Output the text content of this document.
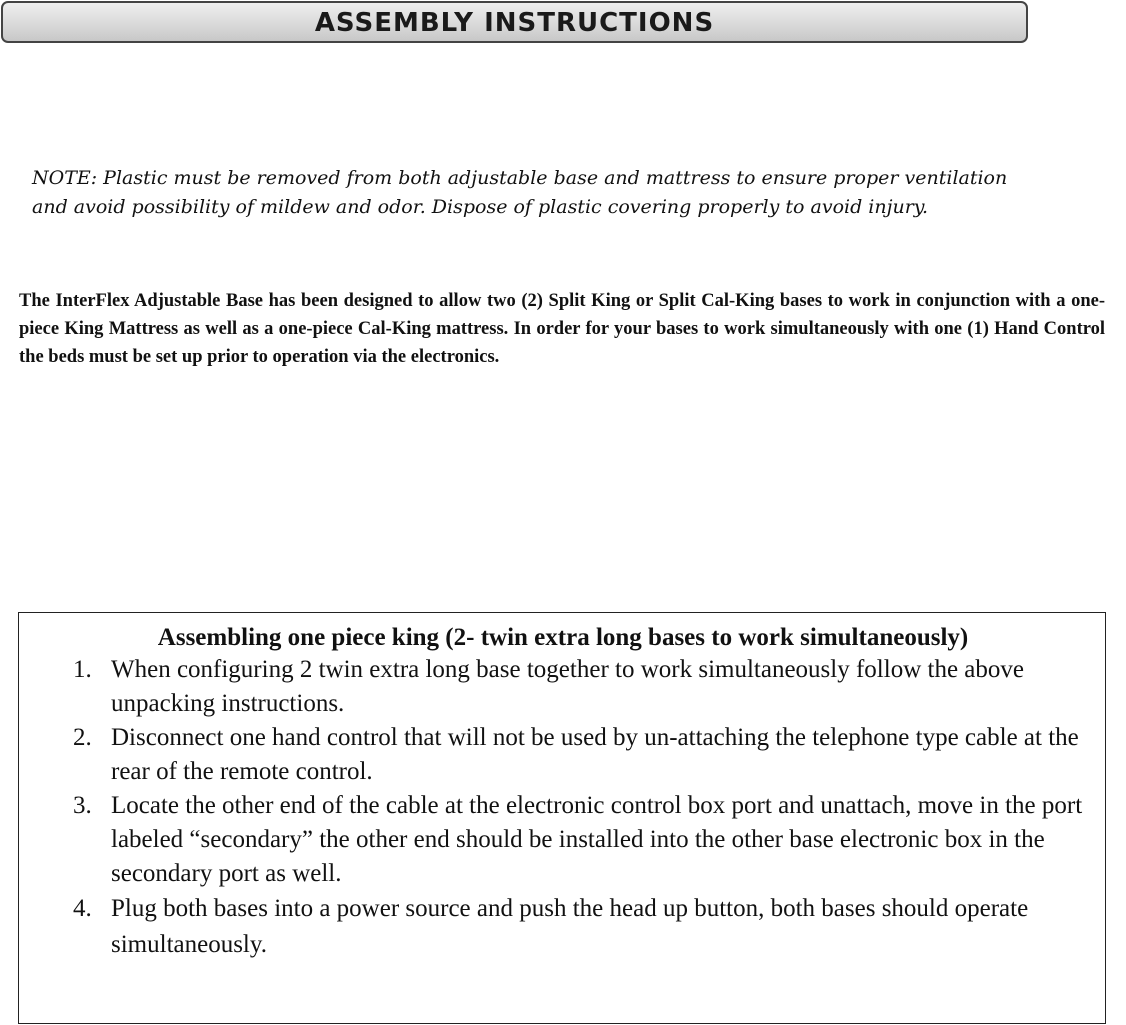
ASSEMBLY INSTRUCTIONS

NOTE: Plastic must be removed from both adjustable base and mattress to ensure proper ventilation

and avoid possibility of mildew and odor. Dispose of plastic covering properly to avoid injury.

The InterFlex Adjustable Base has been designed to allow two (2) Split King or Split Cal-King bases to work in conjunction with a one-piece King Mattress as well as a one-piece Cal-King mattress. In order for your bases to work simultaneously with one (1) Hand Control the beds must be set up prior to operation via the electronics.
Assembling one piece king (2- twin extra long bases to work simultaneously)
1. When configuring 2 twin extra long base together to work simultaneously follow the above unpacking instructions.
2. Disconnect one hand control that will not be used by un-attaching the telephone type cable at the rear of the remote control.
3. Locate the other end of the cable at the electronic control box port and unattach, move in the port labeled “secondary” the other end should be installed into the other base electronic box in the secondary port as well.
4. Plug both bases into a power source and push the head up button, both bases should operate simultaneously.
